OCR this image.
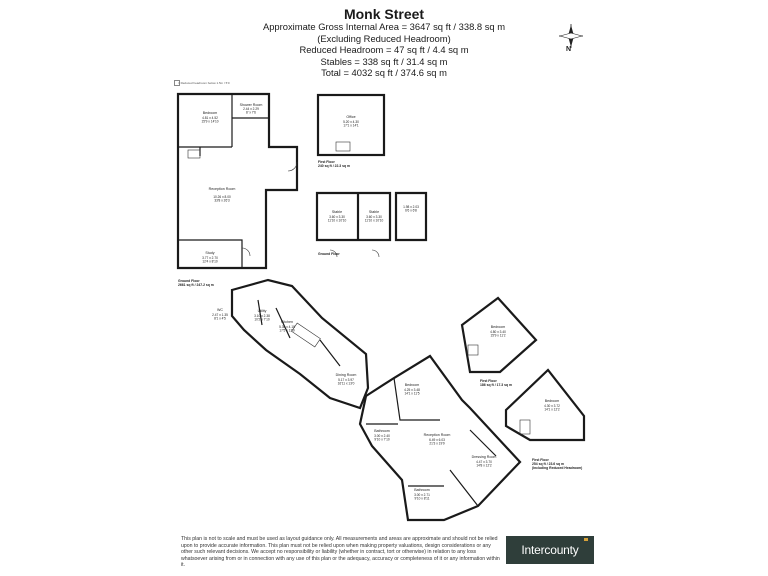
Monk Street
Approximate Gross Internal Area = 3647 sq ft / 338.8 sq m
(Excluding Reduced Headroom)
Reduced Headroom = 47 sq ft / 4.4 sq m
Stables = 338 sq ft / 31.4 sq m
Total = 4032 sq ft / 374.6 sq m
N
= Reduced headroom below 1.5m / 5'0
Bedroom
4.81 x 4.52 15'9 x 14'10
Shower Room
2.44 x 2.29 8' x 7'6
Reception Room
10.26 x 8.00 33'8 x 26'3
Study
3.77 x 2.70 12'4 x 8'10
Office
5.20 x 4.30 17'1 x 14'1
Stable
3.60 x 3.30 11'10 x 10'10
Stable
3.60 x 3.30 11'10 x 10'10
1.98 x 2.03 6'6 x 6'8
WC
2.47 x 1.35 8'1 x 4'5
Utility
3.10 x 2.38 10'2 x 7'10
Kitchen
5.30 x 4.18 17'5 x 13'9
Dining Room
5.17 x 3.97 16'11 x 13'0	Bedroom
4.25 x 3.48 14'1 x 11'5
Reception Room
6.49 x 6.03 21'3 x 19'9
Bathroom
3.00 x 2.40 9'10 x 7'10
Dressing Room
4.47 x 3.70 14'8 x 12'2
Bathroom
3.00 x 2.71 9'10 x 8'11
Bedroom
4.80 x 3.40 15'9 x 11'2
Bedroom
4.30 x 3.72 14'1 x 12'2
Ground Floor 2661 sq ft / 247.2 sq m
First Floor 240 sq ft / 22.3 sq m
Ground Floor
First Floor 186 sq ft / 17.3 sq m
First Floor 254 sq ft / 23.6 sq m (Including Reduced Headroom)
This plan is not to scale and must be used as layout guidance only. All measurements and areas are approximate and should not be relied upon to provide accurate information. This plan must not be relied upon when making property valuations, design considerations or any other such relevant decisions. We accept no responsibility or liability (whether in contract, tort or otherwise) in relation to any loss whatsoever arising from or in connection with any use of this plan or the adequacy, accuracy or completeness of it or any information within it.
Intercounty
